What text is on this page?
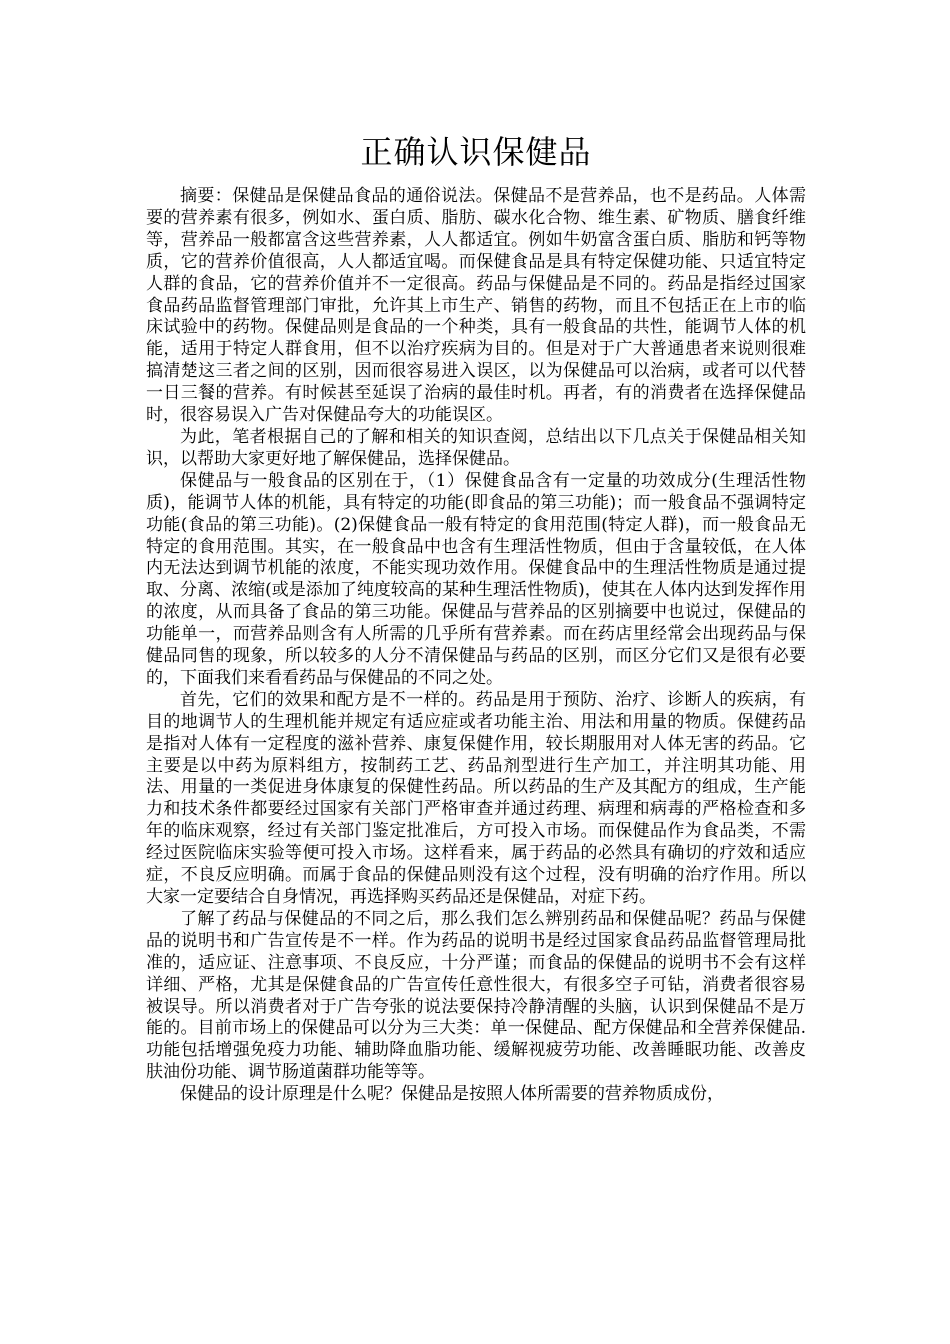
正确认识保健品

摘要：保健品是保健品食品的通俗说法。保健品不是营养品，也不是药品。人体需要的营养素有很多，例如水、蛋白质、脂肪、碳水化合物、维生素、矿物质、膳食纤维等，营养品一般都富含这些营养素，人人都适宜。例如牛奶富含蛋白质、脂肪和钙等物质，它的营养价值很高，人人都适宜喝。而保健食品是具有特定保健功能、只适宜特定人群的食品，它的营养价值并不一定很高。药品与保健品是不同的。药品是指经过国家食品药品监督管理部门审批，允许其上市生产、销售的药物，而且不包括正在上市的临床试验中的药物。保健品则是食品的一个种类，具有一般食品的共性，能调节人体的机能，适用于特定人群食用，但不以治疗疾病为目的。但是对于广大普通患者来说则很难搞清楚这三者之间的区别，因而很容易进入误区，以为保健品可以治病，或者可以代替一日三餐的营养。有时候甚至延误了治病的最佳时机。再者，有的消费者在选择保健品时，很容易误入广告对保健品夸大的功能误区。

为此，笔者根据自己的了解和相关的知识查阅，总结出以下几点关于保健品相关知识，以帮助大家更好地了解保健品，选择保健品。

保健品与一般食品的区别在于，（1）保健食品含有一定量的功效成分(生理活性物质)，能调节人体的机能，具有特定的功能(即食品的第三功能)；而一般食品不强调特定功能(食品的第三功能)。(2)保健食品一般有特定的食用范围(特定人群)，而一般食品无特定的食用范围。其实，在一般食品中也含有生理活性物质，但由于含量较低，在人体内无法达到调节机能的浓度，不能实现功效作用。保健食品中的生理活性物质是通过提取、分离、浓缩(或是添加了纯度较高的某种生理活性物质)，使其在人体内达到发挥作用的浓度，从而具备了食品的第三功能。保健品与营养品的区别摘要中也说过，保健品的功能单一，而营养品则含有人所需的几乎所有营养素。而在药店里经常会出现药品与保健品同售的现象，所以较多的人分不清保健品与药品的区别，而区分它们又是很有必要的，下面我们来看看药品与保健品的不同之处。

首先，它们的效果和配方是不一样的。药品是用于预防、治疗、诊断人的疾病，有目的地调节人的生理机能并规定有适应症或者功能主治、用法和用量的物质。保健药品是指对人体有一定程度的滋补营养、康复保健作用，较长期服用对人体无害的药品。它主要是以中药为原料组方，按制药工艺、药品剂型进行生产加工，并注明其功能、用法、用量的一类促进身体康复的保健性药品。所以药品的生产及其配方的组成，生产能力和技术条件都要经过国家有关部门严格审查并通过药理、病理和病毒的严格检查和多年的临床观察，经过有关部门鉴定批准后，方可投入市场。而保健品作为食品类，不需经过医院临床实验等便可投入市场。这样看来，属于药品的必然具有确切的疗效和适应症，不良反应明确。而属于食品的保健品则没有这个过程，没有明确的治疗作用。所以大家一定要结合自身情况，再选择购买药品还是保健品，对症下药。

了解了药品与保健品的不同之后，那么我们怎么辨别药品和保健品呢？药品与保健品的说明书和广告宣传是不一样。作为药品的说明书是经过国家食品药品监督管理局批准的，适应证、注意事项、不良反应，十分严谨；而食品的保健品的说明书不会有这样详细、严格，尤其是保健食品的广告宣传任意性很大，有很多空子可钻，消费者很容易被误导。所以消费者对于广告夸张的说法要保持冷静清醒的头脑，认识到保健品不是万能的。目前市场上的保健品可以分为三大类：单一保健品、配方保健品和全营养保健品.功能包括增强免疫力功能、辅助降血脂功能、缓解视疲劳功能、改善睡眠功能、改善皮肤油份功能、调节肠道菌群功能等等。

保健品的设计原理是什么呢？保健品是按照人体所需要的营养物质成份，
